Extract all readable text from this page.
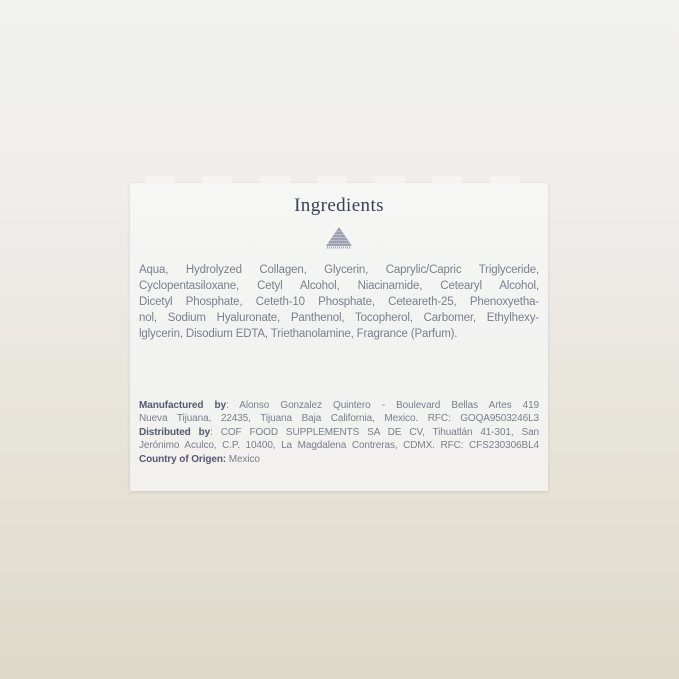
Ingredients
Aqua, Hydrolyzed Collagen, Glycerin, Caprylic/Capric Triglyceride,
Cyclopentasiloxane, Cetyl Alcohol, Niacinamide, Cetearyl Alcohol,
Dicetyl Phosphate, Ceteth-10 Phosphate, Ceteareth-25, Phenoxyetha-
nol, Sodium Hyaluronate, Panthenol, Tocopherol, Carbomer, Ethylhexy-
lglycerin, Disodium EDTA, Triethanolamine, Fragrance (Parfum).
Manufactured by: Alonso Gonzalez Quintero - Boulevard Bellas Artes 419
Nueva Tijuana, 22435, Tijuana Baja California, Mexico. RFC: GOQA9503246L3
Distributed by: COF FOOD SUPPLEMENTS SA DE CV, Tihuatlán 41-301, San
Jerónimo Aculco, C.P. 10400, La Magdalena Contreras, CDMX. RFC: CFS230306BL4
Country of Origen: Mexico
